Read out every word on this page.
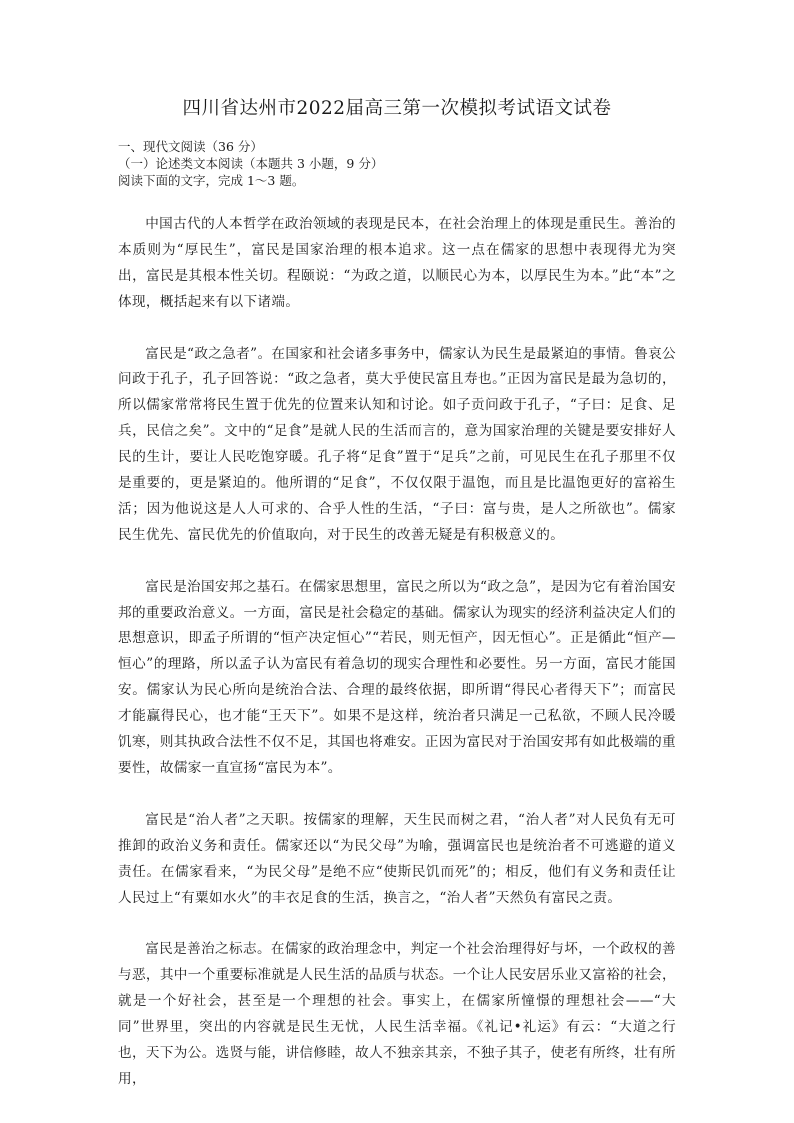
四川省达州市2022届高三第一次模拟考试语文试卷
一、现代文阅读（36 分）
（一）论述类文本阅读（本题共 3 小题，9 分）
阅读下面的文字，完成 1～3 题。

中国古代的人本哲学在政治领域的表现是民本，在社会治理上的体现是重民生。善治的本质则为“厚民生”，富民是国家治理的根本追求。这一点在儒家的思想中表现得尤为突出，富民是其根本性关切。程颐说：“为政之道，以顺民心为本，以厚民生为本。”此“本”之体现，概括起来有以下诸端。

富民是“政之急者”。在国家和社会诸多事务中，儒家认为民生是最紧迫的事情。鲁哀公问政于孔子，孔子回答说：“政之急者，莫大乎使民富且寿也。”正因为富民是最为急切的，所以儒家常常将民生置于优先的位置来认知和讨论。如子贡问政于孔子，“子曰：足食、足兵，民信之矣”。文中的“足食”是就人民的生活而言的，意为国家治理的关键是要安排好人民的生计，要让人民吃饱穿暖。孔子将“足食”置于“足兵”之前，可见民生在孔子那里不仅是重要的，更是紧迫的。他所谓的“足食”，不仅仅限于温饱，而且是比温饱更好的富裕生活；因为他说这是人人可求的、合乎人性的生活，“子曰：富与贵，是人之所欲也”。儒家民生优先、富民优先的价值取向，对于民生的改善无疑是有积极意义的。

富民是治国安邦之基石。在儒家思想里，富民之所以为“政之急”，是因为它有着治国安邦的重要政治意义。一方面，富民是社会稳定的基础。儒家认为现实的经济利益决定人们的思想意识，即孟子所谓的“恒产决定恒心”“若民，则无恒产，因无恒心”。正是循此“恒产—恒心”的理路，所以孟子认为富民有着急切的现实合理性和必要性。另一方面，富民才能国安。儒家认为民心所向是统治合法、合理的最终依据，即所谓“得民心者得天下”；而富民才能赢得民心，也才能“王天下”。如果不是这样，统治者只满足一己私欲，不顾人民冷暖饥寒，则其执政合法性不仅不足，其国也将难安。正因为富民对于治国安邦有如此极端的重要性，故儒家一直宣扬“富民为本”。

富民是“治人者”之天职。按儒家的理解，天生民而树之君，“治人者”对人民负有无可推卸的政治义务和责任。儒家还以“为民父母”为喻，强调富民也是统治者不可逃避的道义责任。在儒家看来，“为民父母”是绝不应“使斯民饥而死”的；相反，他们有义务和责任让人民过上“有粟如水火”的丰衣足食的生活，换言之，“治人者”天然负有富民之责。

富民是善治之标志。在儒家的政治理念中，判定一个社会治理得好与坏，一个政权的善与恶，其中一个重要标准就是人民生活的品质与状态。一个让人民安居乐业又富裕的社会，就是一个好社会，甚至是一个理想的社会。事实上，在儒家所憧憬的理想社会——“大同”世界里，突出的内容就是民生无忧，人民生活幸福。《礼记•礼运》有云：“大道之行也，天下为公。选贤与能，讲信修睦，故人不独亲其亲，不独子其子，使老有所终，壮有所用，
